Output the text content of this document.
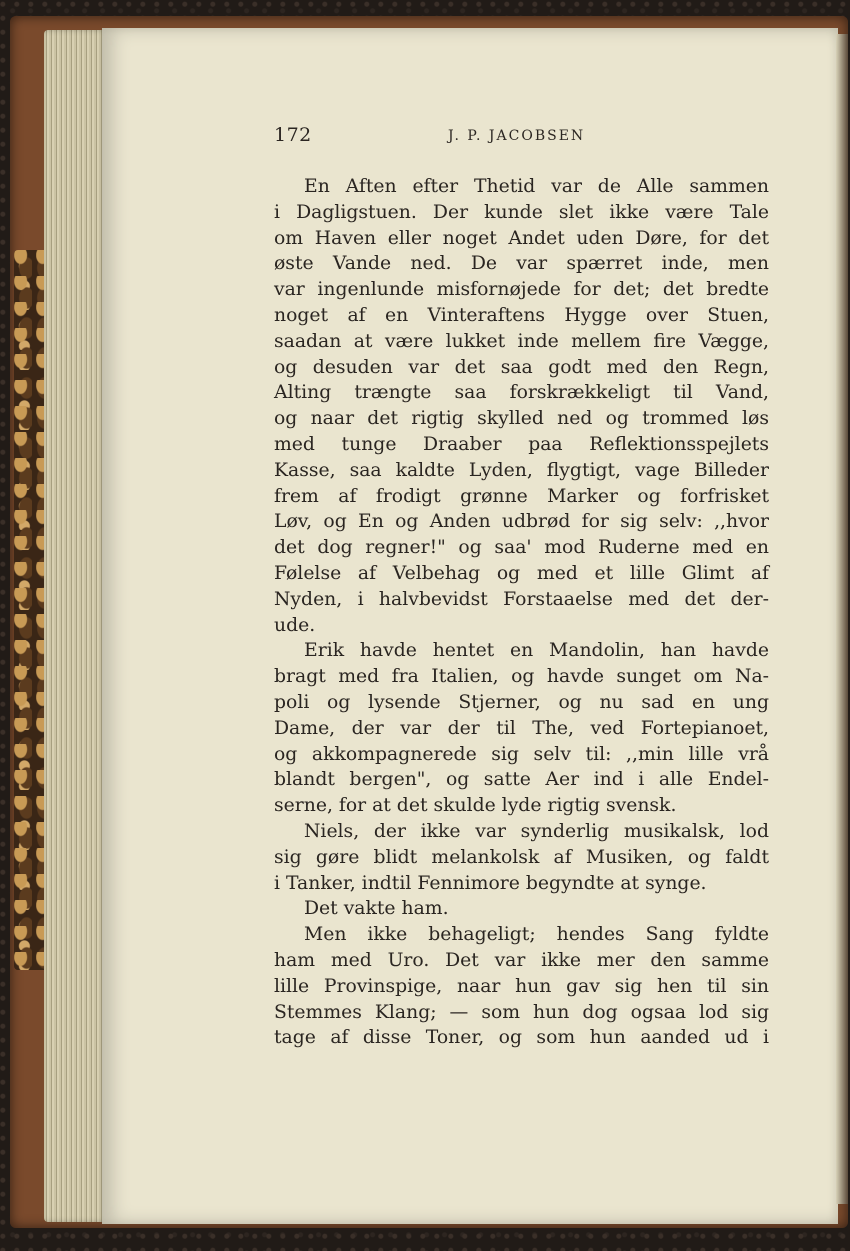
172	J. P. JACOBSEN
En Aften efter Thetid var de Alle sammen
i Dagligstuen. Der kunde slet ikke være Tale
om Haven eller noget Andet uden Døre, for det
øste Vande ned. De var spærret inde, men
var ingenlunde misfornøjede for det; det bredte
noget af en Vinteraftens Hygge over Stuen,
saadan at være lukket inde mellem fire Vægge,
og desuden var det saa godt med den Regn,
Alting trængte saa forskrækkeligt til Vand,
og naar det rigtig skylled ned og trommed løs
med tunge Draaber paa Reflektionsspejlets
Kasse, saa kaldte Lyden, flygtigt, vage Billeder
frem af frodigt grønne Marker og forfrisket
Løv, og En og Anden udbrød for sig selv: ,,hvor
det dog regner!" og saa' mod Ruderne med en
Følelse af Velbehag og med et lille Glimt af
Nyden, i halvbevidst Forstaaelse med det der-
ude.
Erik havde hentet en Mandolin, han havde
bragt med fra Italien, og havde sunget om Na-
poli og lysende Stjerner, og nu sad en ung
Dame, der var der til The, ved Fortepianoet,
og akkompagnerede sig selv til: ,,min lille vrå
blandt bergen", og satte Aer ind i alle Endel-
serne, for at det skulde lyde rigtig svensk.
Niels, der ikke var synderlig musikalsk, lod
sig gøre blidt melankolsk af Musiken, og faldt
i Tanker, indtil Fennimore begyndte at synge.
Det vakte ham.
Men ikke behageligt; hendes Sang fyldte
ham med Uro. Det var ikke mer den samme
lille Provinspige, naar hun gav sig hen til sin
Stemmes Klang; — som hun dog ogsaa lod sig
tage af disse Toner, og som hun aanded ud i
